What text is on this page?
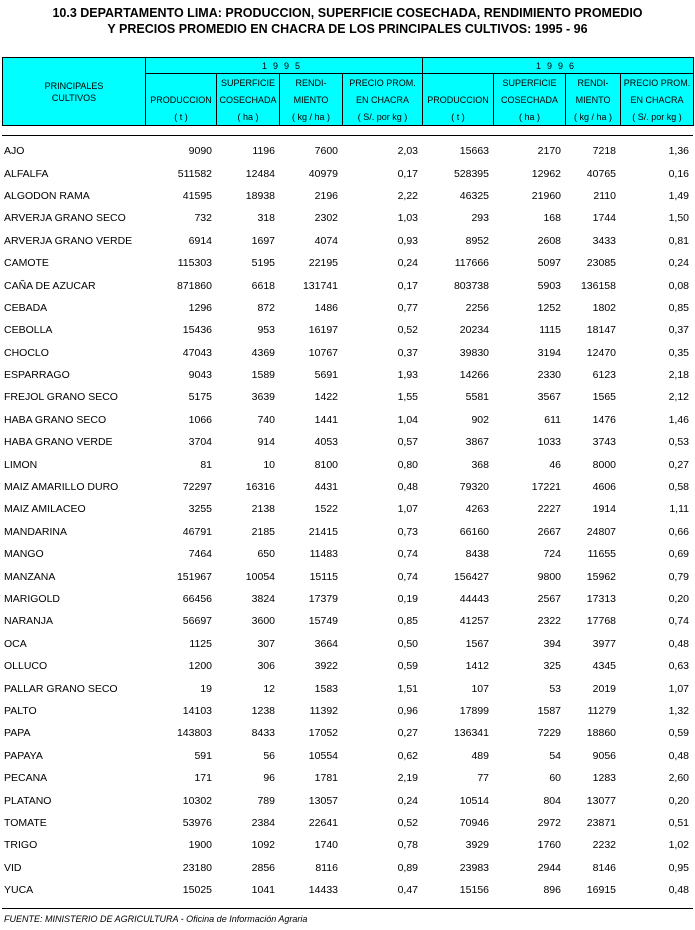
10.3 DEPARTAMENTO LIMA: PRODUCCION, SUPERFICIE COSECHADA, RENDIMIENTO PROMEDIO
Y PRECIOS PROMEDIO EN CHACRA DE LOS PRINCIPALES CULTIVOS: 1995 - 96
PRINCIPALES
CULTIVOS	1995				1996			
		SUPERFICIE	RENDI-	PRECIO PROM.		SUPERFICIE	RENDI-	PRECIO PROM.
	PRODUCCION	COSECHADA	MIENTO	EN CHACRA	PRODUCCION	COSECHADA	MIENTO	EN CHACRA
	( t )	( ha )	( kg / ha )	( S/. por kg )	( t )	( ha )	( kg / ha )	( S/. por kg )
AJO	9090	1196	7600	2,03	15663	2170	7218	1,36
ALFALFA	511582	12484	40979	0,17	528395	12962	40765	0,16
ALGODON RAMA	41595	18938	2196	2,22	46325	21960	2110	1,49
ARVERJA GRANO SECO	732	318	2302	1,03	293	168	1744	1,50
ARVERJA GRANO VERDE	6914	1697	4074	0,93	8952	2608	3433	0,81
CAMOTE	115303	5195	22195	0,24	117666	5097	23085	0,24
CAÑA DE AZUCAR	871860	6618	131741	0,17	803738	5903	136158	0,08
CEBADA	1296	872	1486	0,77	2256	1252	1802	0,85
CEBOLLA	15436	953	16197	0,52	20234	1115	18147	0,37
CHOCLO	47043	4369	10767	0,37	39830	3194	12470	0,35
ESPARRAGO	9043	1589	5691	1,93	14266	2330	6123	2,18
FREJOL GRANO SECO	5175	3639	1422	1,55	5581	3567	1565	2,12
HABA GRANO SECO	1066	740	1441	1,04	902	611	1476	1,46
HABA GRANO VERDE	3704	914	4053	0,57	3867	1033	3743	0,53
LIMON	81	10	8100	0,80	368	46	8000	0,27
MAIZ AMARILLO DURO	72297	16316	4431	0,48	79320	17221	4606	0,58
MAIZ AMILACEO	3255	2138	1522	1,07	4263	2227	1914	1,11
MANDARINA	46791	2185	21415	0,73	66160	2667	24807	0,66
MANGO	7464	650	11483	0,74	8438	724	11655	0,69
MANZANA	151967	10054	15115	0,74	156427	9800	15962	0,79
MARIGOLD	66456	3824	17379	0,19	44443	2567	17313	0,20
NARANJA	56697	3600	15749	0,85	41257	2322	17768	0,74
OCA	1125	307	3664	0,50	1567	394	3977	0,48
OLLUCO	1200	306	3922	0,59	1412	325	4345	0,63
PALLAR GRANO SECO	19	12	1583	1,51	107	53	2019	1,07
PALTO	14103	1238	11392	0,96	17899	1587	11279	1,32
PAPA	143803	8433	17052	0,27	136341	7229	18860	0,59
PAPAYA	591	56	10554	0,62	489	54	9056	0,48
PECANA	171	96	1781	2,19	77	60	1283	2,60
PLATANO	10302	789	13057	0,24	10514	804	13077	0,20
TOMATE	53976	2384	22641	0,52	70946	2972	23871	0,51
TRIGO	1900	1092	1740	0,78	3929	1760	2232	1,02
VID	23180	2856	8116	0,89	23983	2944	8146	0,95
YUCA	15025	1041	14433	0,47	15156	896	16915	0,48
FUENTE: MINISTERIO DE AGRICULTURA - Oficina de Información Agraria
